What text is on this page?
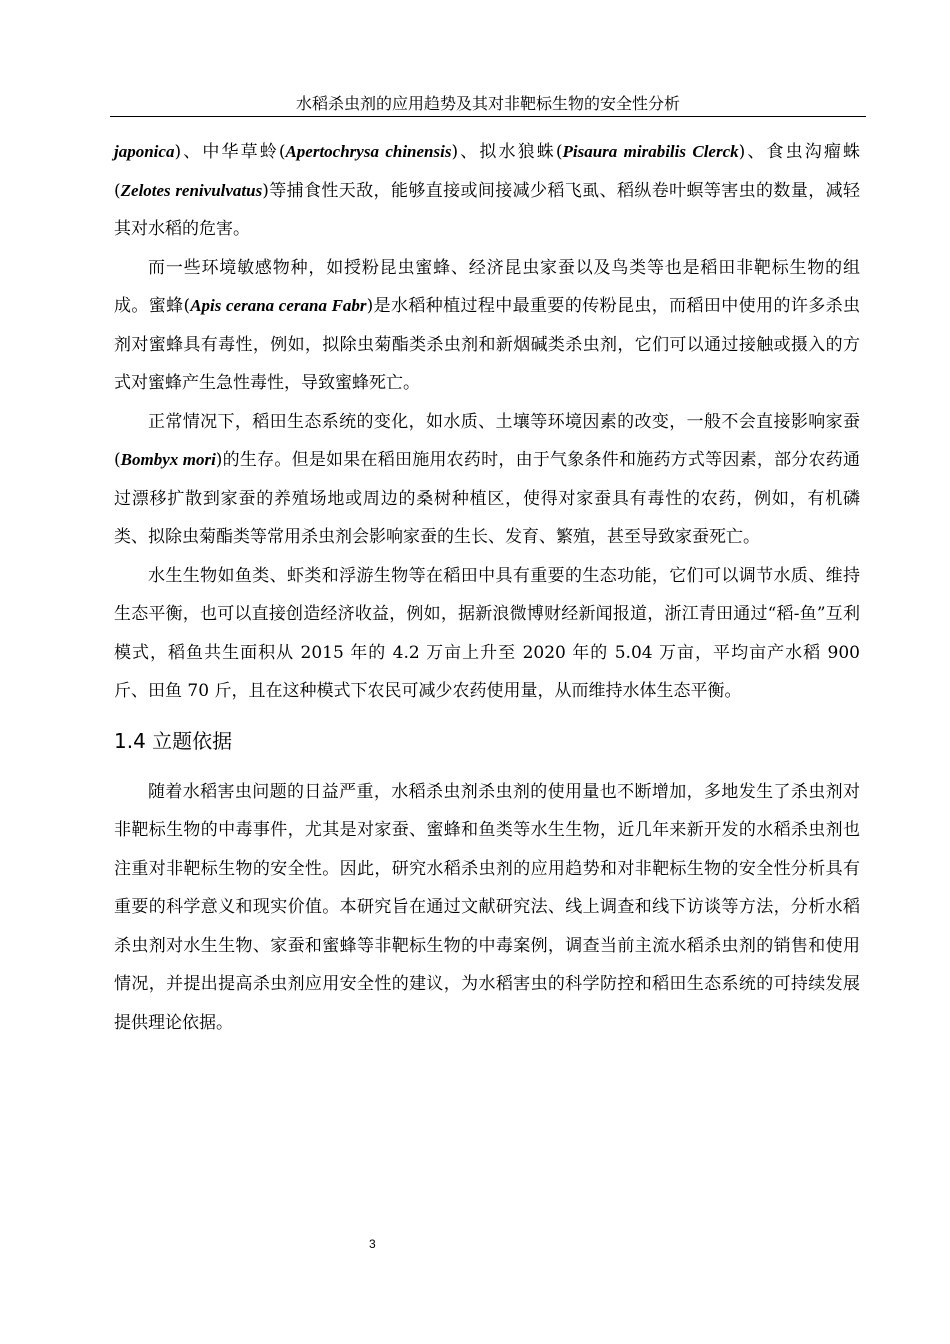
水稻杀虫剂的应用趋势及其对非靶标生物的安全性分析

japonica)、中华草蛉(Apertochrysa chinensis)、拟水狼蛛(Pisaura mirabilis Clerck)、食虫沟瘤蛛(Zelotes renivulvatus)等捕食性天敌，能够直接或间接减少稻飞虱、稻纵卷叶螟等害虫的数量，减轻其对水稻的危害。

而一些环境敏感物种，如授粉昆虫蜜蜂、经济昆虫家蚕以及鸟类等也是稻田非靶标生物的组成。蜜蜂(Apis cerana cerana Fabr)是水稻种植过程中最重要的传粉昆虫，而稻田中使用的许多杀虫剂对蜜蜂具有毒性，例如，拟除虫菊酯类杀虫剂和新烟碱类杀虫剂，它们可以通过接触或摄入的方式对蜜蜂产生急性毒性，导致蜜蜂死亡。

正常情况下，稻田生态系统的变化，如水质、土壤等环境因素的改变，一般不会直接影响家蚕(Bombyx mori)的生存。但是如果在稻田施用农药时，由于气象条件和施药方式等因素，部分农药通过漂移扩散到家蚕的养殖场地或周边的桑树种植区，使得对家蚕具有毒性的农药，例如，有机磷类、拟除虫菊酯类等常用杀虫剂会影响家蚕的生长、发育、繁殖，甚至导致家蚕死亡。

水生生物如鱼类、虾类和浮游生物等在稻田中具有重要的生态功能，它们可以调节水质、维持生态平衡，也可以直接创造经济收益，例如，据新浪微博财经新闻报道，浙江青田通过“稻-鱼”互利模式，稻鱼共生面积从 2015 年的 4.2 万亩上升至 2020 年的 5.04 万亩，平均亩产水稻 900 斤、田鱼 70 斤，且在这种模式下农民可减少农药使用量，从而维持水体生态平衡。

1.4 立题依据

随着水稻害虫问题的日益严重，水稻杀虫剂杀虫剂的使用量也不断增加，多地发生了杀虫剂对非靶标生物的中毒事件，尤其是对家蚕、蜜蜂和鱼类等水生生物，近几年来新开发的水稻杀虫剂也注重对非靶标生物的安全性。因此，研究水稻杀虫剂的应用趋势和对非靶标生物的安全性分析具有重要的科学意义和现实价值。本研究旨在通过文献研究法、线上调查和线下访谈等方法，分析水稻杀虫剂对水生生物、家蚕和蜜蜂等非靶标生物的中毒案例，调查当前主流水稻杀虫剂的销售和使用情况，并提出提高杀虫剂应用安全性的建议，为水稻害虫的科学防控和稻田生态系统的可持续发展提供理论依据。

3
